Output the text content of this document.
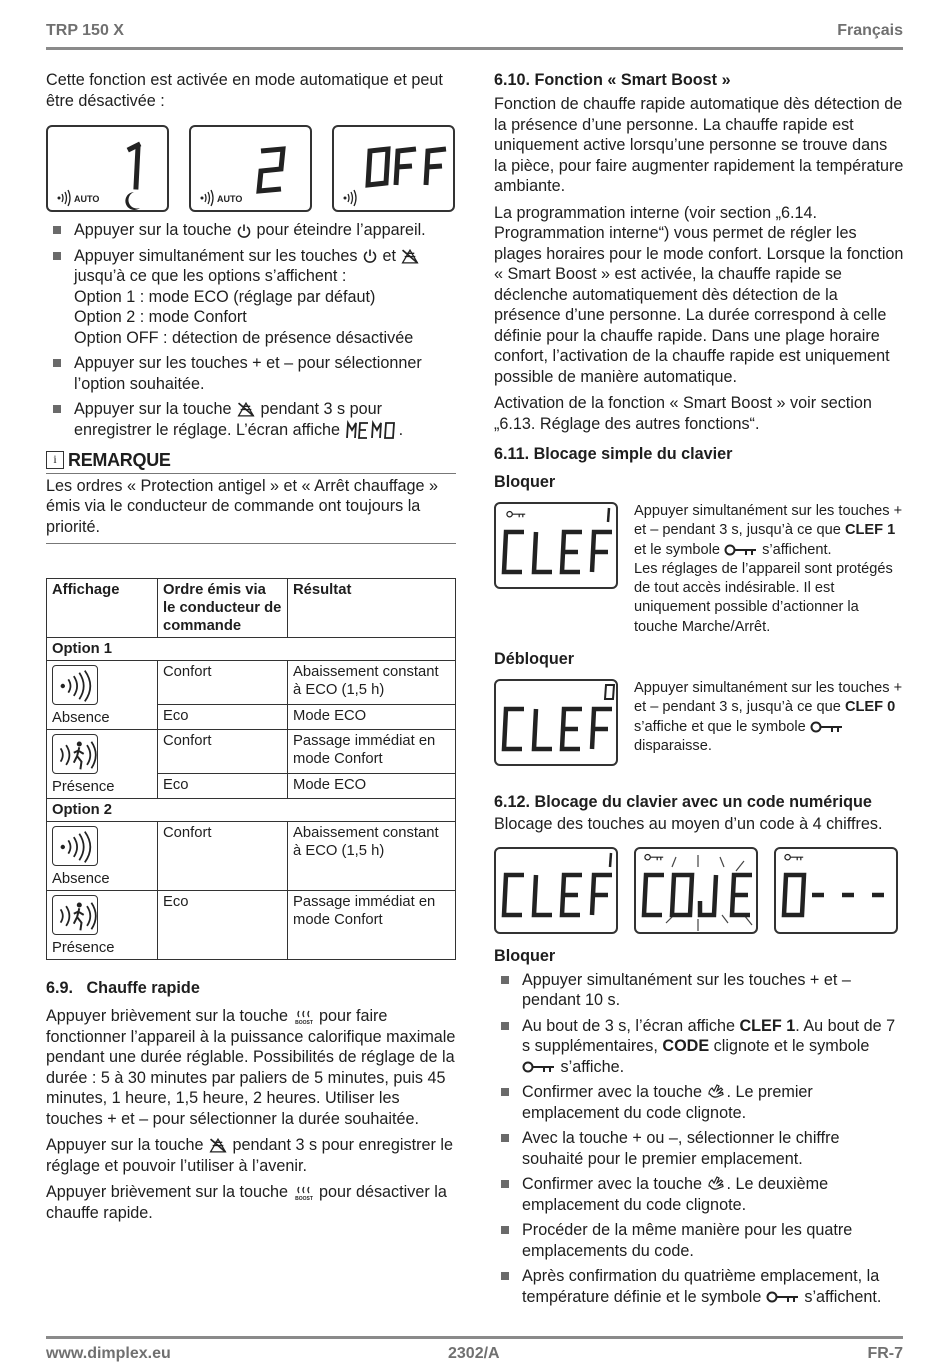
TRP 150 X	Français

Cette fonction est activée en mode automatique et peut être désactivée :

AUTO	AUTO
Appuyer sur la touche pour éteindre l’appareil.
Appuyer simultanément sur les touches et  jusqu’à ce que les options s’affichent :
Option 1 : mode ECO (réglage par défaut)
Option 2 : mode Confort
Option OFF : détection de présence désactivée
Appuyer sur les touches + et – pour sélectionner l’option souhaitée.
Appuyer sur la touche pendant 3 s pour enregistrer le réglage. L’écran affiche	.
i REMARQUE
Les ordres « Protection antigel » et « Arrêt chauffage » émis via le conducteur de commande ont toujours la priorité.
Affichage	Ordre émis via le conducteur de commande	Résultat
Option 1		

Absence	Confort	Abaissement constant à ECO (1,5 h)
	Eco	Mode ECO

Présence	Confort	Passage immédiat en mode Confort
	Eco	Mode ECO
Option 2		

Absence	Confort	Abaissement constant à ECO (1,5 h)

Présence	Eco	Passage immédiat en mode Confort
6.9.   Chauffe rapide

Appuyer brièvement sur la touche pour faire fonctionner l’appareil à la puissance calorifique maximale pendant une durée réglable. Possibilités de réglage de la durée : 5 à 30 minutes par paliers de 5 minutes, puis 45 minutes, 1 heure, 1,5 heure, 2 heures. Utiliser les touches + et – pour sélectionner la durée souhaitée.

Appuyer sur la touche pendant 3 s pour enregistrer le réglage et pouvoir l’utiliser à l’avenir.

Appuyer brièvement sur la touche pour désactiver la chauffe rapide.

6.10. Fonction « Smart Boost »

Fonction de chauffe rapide automatique dès détection de la présence d’une personne. La chauffe rapide est uniquement active lorsqu’une personne se trouve dans la pièce, pour faire augmenter rapidement la température ambiante.

La programmation interne (voir section „6.14. Programmation interne“) vous permet de régler les plages horaires pour le mode confort. Lorsque la fonction « Smart Boost » est activée, la chauffe rapide se déclenche automatiquement dès détection de la présence d’une personne. La durée correspond à celle définie pour la chauffe rapide. Dans une plage horaire confort, l’activation de la chauffe rapide est uniquement possible de manière automatique.

Activation de la fonction « Smart Boost » voir section „6.13. Réglage des autres fonctions“.

6.11. Blocage simple du clavier
Bloquer
Appuyer simultanément sur les touches + et – pendant 3 s, jusqu’à ce que CLEF 1 et le symbole	s’affichent.
Les réglages de l’appareil sont protégés de tout accès indésirable. Il est uniquement possible d’actionner la touche Marche/Arrêt.
Débloquer
Appuyer simultanément sur les touches + et – pendant 3 s, jusqu’à ce que CLEF 0 s’affiche et que le symbole  disparaisse.
6.12. Blocage du clavier avec un code numérique

Blocage des touches au moyen d’un code à 4 chiffres.

Bloquer
Appuyer simultanément sur les touches + et – pendant 10 s.
Au bout de 3 s, l’écran affiche CLEF 1. Au bout de 7 s supplémentaires, CODE clignote et le symbole  s’affiche.
Confirmer avec la touche . Le premier emplacement du code clignote.
Avec la touche + ou –, sélectionner le chiffre souhaité pour le premier emplacement.
Confirmer avec la touche . Le deuxième emplacement du code clignote.
Procéder de la même manière pour les quatre emplacements du code.
Après confirmation du quatrième emplacement, la température définie et le symbole	s’affichent.
www.dimplex.eu	2302/A	FR-7
